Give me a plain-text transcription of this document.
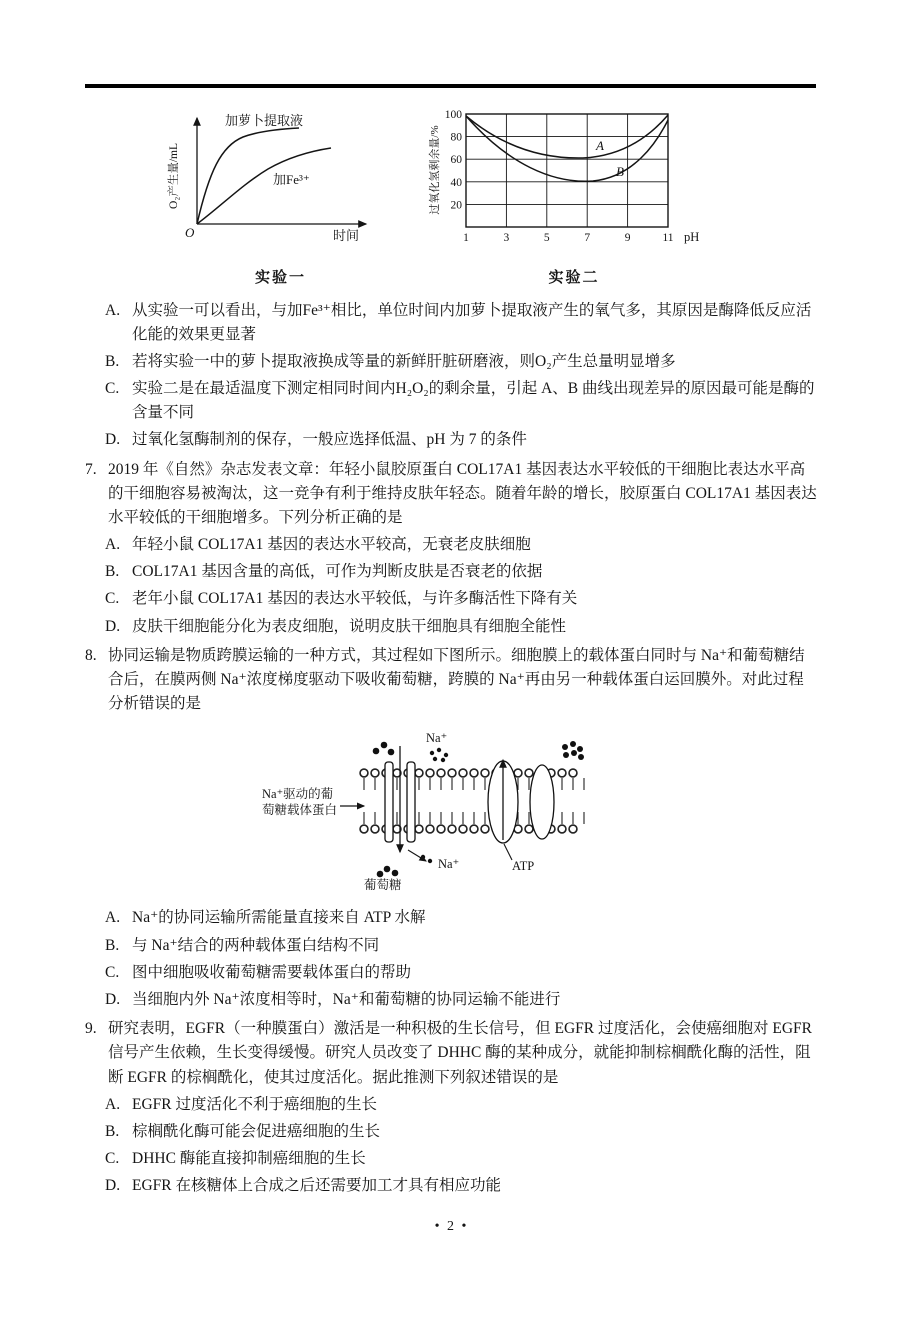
加萝卜提取液
加Fe³⁺
O	时间
O₂产生量/mL
实验一
A
B
100
80
60
40
20
1	3	5	7	9	11 pH
过氧化氢剩余量/%
实验二
A. 从实验一可以看出，与加Fe³⁺相比，单位时间内加萝卜提取液产生的氧气多，其原因是酶降低反应活化能的效果更显著
B. 若将实验一中的萝卜提取液换成等量的新鲜肝脏研磨液，则O₂产生总量明显增多
C. 实验二是在最适温度下测定相同时间内H₂O₂的剩余量，引起 A、B 曲线出现差异的原因最可能是酶的含量不同
D. 过氧化氢酶制剂的保存，一般应选择低温、pH 为 7 的条件
7. 2019 年《自然》杂志发表文章：年轻小鼠胶原蛋白 COL17A1 基因表达水平较低的干细胞比表达水平高的干细胞容易被淘汰，这一竞争有利于维持皮肤年轻态。随着年龄的增长，胶原蛋白 COL17A1 基因表达水平较低的干细胞增多。下列分析正确的是
A. 年轻小鼠 COL17A1 基因的表达水平较高，无衰老皮肤细胞
B. COL17A1 基因含量的高低，可作为判断皮肤是否衰老的依据
C. 老年小鼠 COL17A1 基因的表达水平较低，与许多酶活性下降有关
D. 皮肤干细胞能分化为表皮细胞，说明皮肤干细胞具有细胞全能性
8. 协同运输是物质跨膜运输的一种方式，其过程如下图所示。细胞膜上的载体蛋白同时与 Na⁺和葡萄糖结合后，在膜两侧 Na⁺浓度梯度驱动下吸收葡萄糖，跨膜的 Na⁺再由另一种载体蛋白运回膜外。对此过程分析错误的是
Na⁺驱动的葡
萄糖载体蛋白
Na⁺
Na⁺	ATP
葡萄糖
A. Na⁺的协同运输所需能量直接来自 ATP 水解
B. 与 Na⁺结合的两种载体蛋白结构不同
C. 图中细胞吸收葡萄糖需要载体蛋白的帮助
D. 当细胞内外 Na⁺浓度相等时，Na⁺和葡萄糖的协同运输不能进行
9. 研究表明，EGFR（一种膜蛋白）激活是一种积极的生长信号，但 EGFR 过度活化，会使癌细胞对 EGFR 信号产生依赖，生长变得缓慢。研究人员改变了 DHHC 酶的某种成分，就能抑制棕榈酰化酶的活性，阻断 EGFR 的棕榈酰化，使其过度活化。据此推测下列叙述错误的是
A. EGFR 过度活化不利于癌细胞的生长
B. 棕榈酰化酶可能会促进癌细胞的生长
C. DHHC 酶能直接抑制癌细胞的生长
D. EGFR 在核糖体上合成之后还需要加工才具有相应功能
• 2 •
